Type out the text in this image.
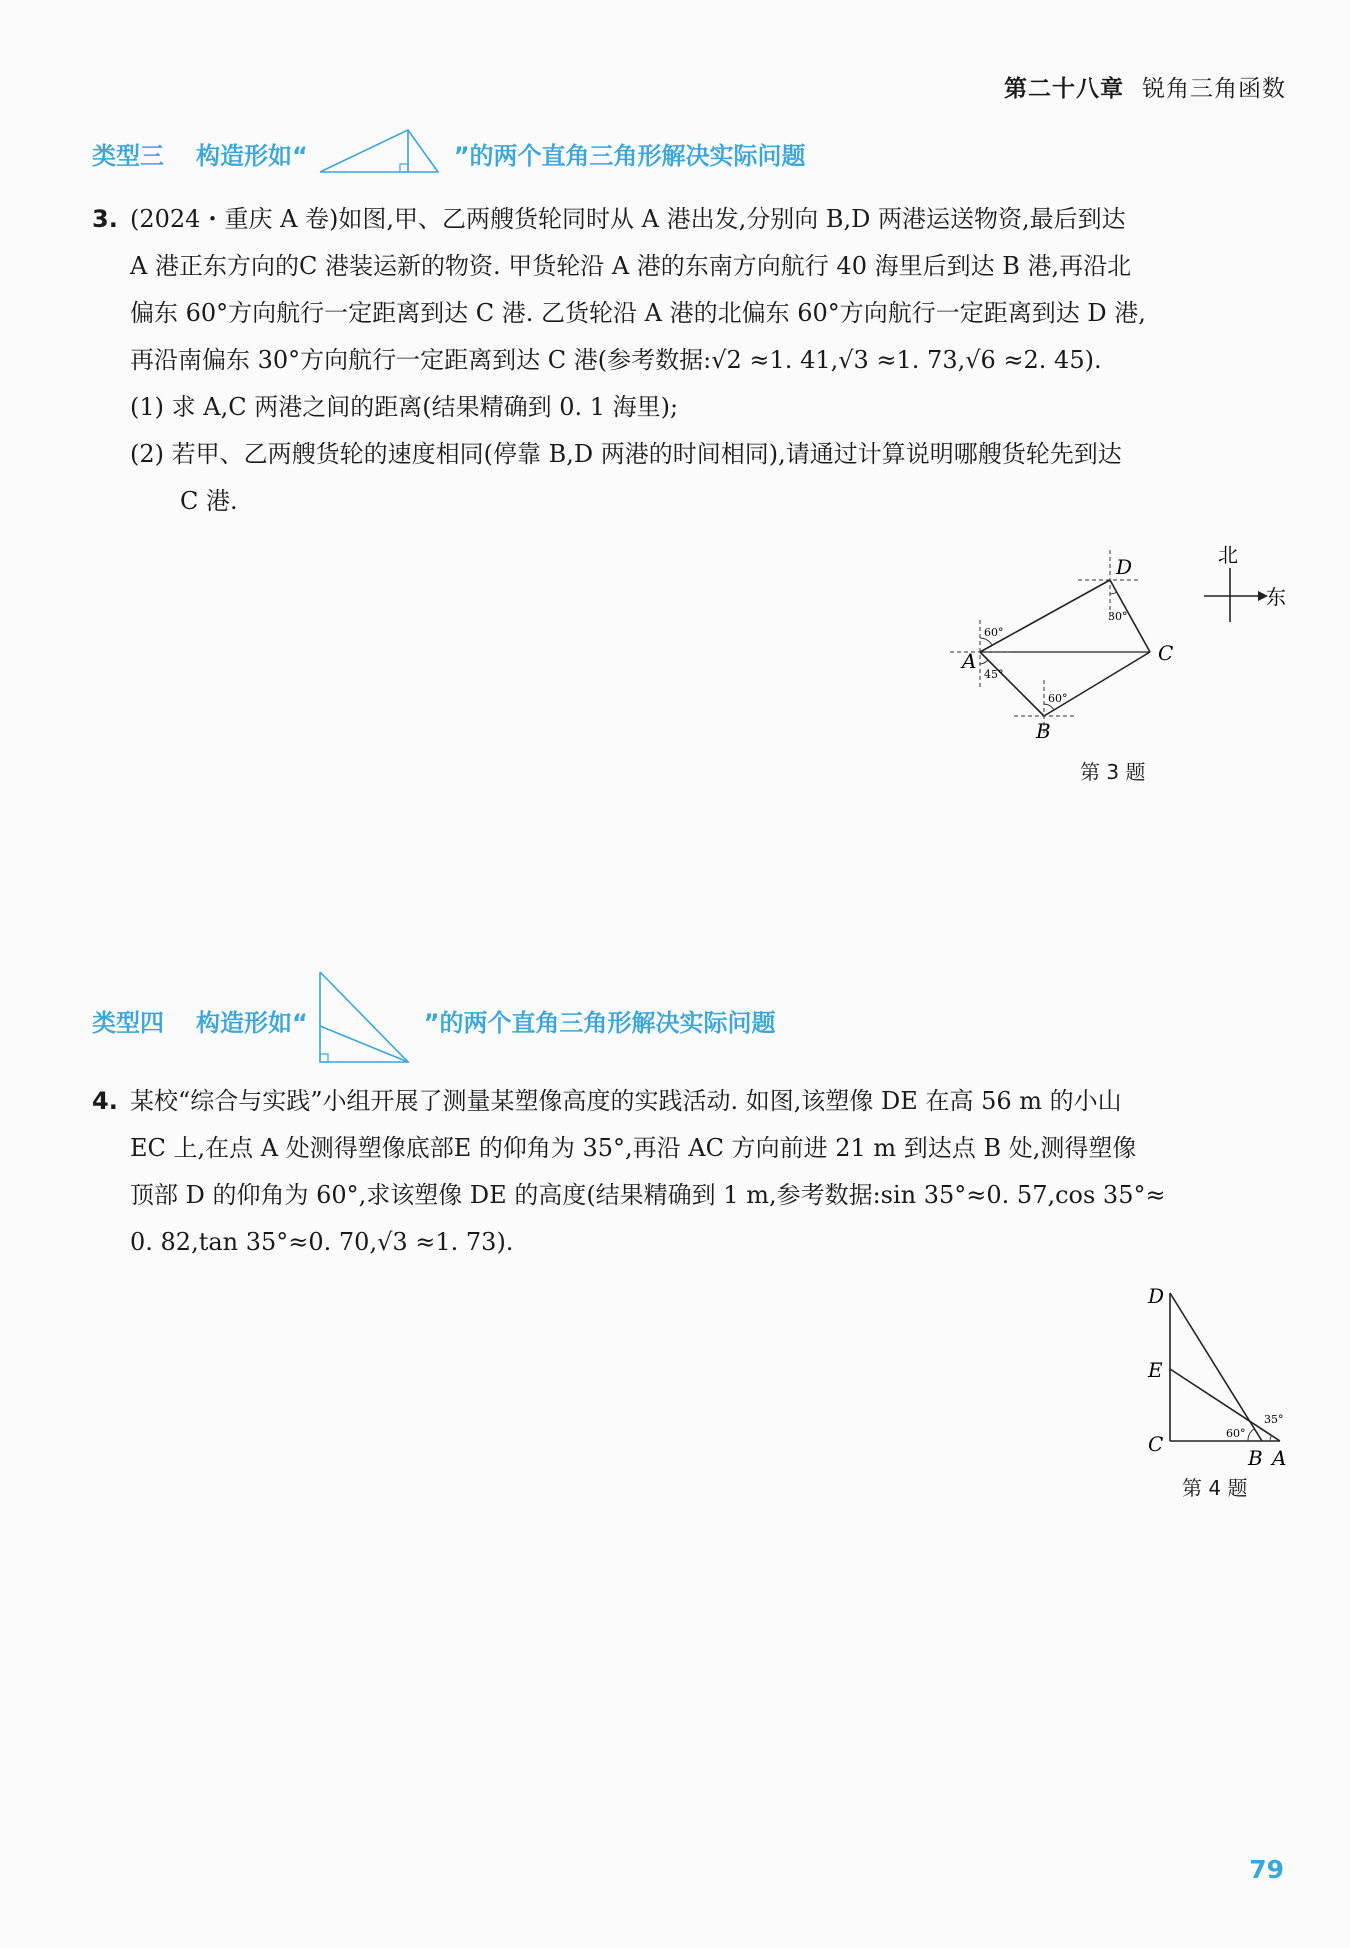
第二十八章 锐角三角函数
类型三 构造形如“	”的两个直角三角形解决实际问题

3. (2024・重庆 A 卷)如图,甲、乙两艘货轮同时从 A 港出发,分别向 B,D 两港运送物资,最后到达

A 港正东方向的C 港装运新的物资. 甲货轮沿 A 港的东南方向航行 40 海里后到达 B 港,再沿北

偏东 60°方向航行一定距离到达 C 港. 乙货轮沿 A 港的北偏东 60°方向航行一定距离到达 D 港,

再沿南偏东 30°方向航行一定距离到达 C 港(参考数据:√2 ≈1. 41,√3 ≈1. 73,√6 ≈2. 45).

(1) 求 A,C 两港之间的距离(结果精确到 0. 1 海里);

(2) 若甲、乙两艘货轮的速度相同(停靠 B,D 两港的时间相同),请通过计算说明哪艘货轮先到达

C 港.

A
B
C
D
60°
45°
60°
30°
北
东
第 3 题
类型四 构造形如“	”的两个直角三角形解决实际问题

4. 某校“综合与实践”小组开展了测量某塑像高度的实践活动. 如图,该塑像 DE 在高 56 m 的小山

EC 上,在点 A 处测得塑像底部E 的仰角为 35°,再沿 AC 方向前进 21 m 到达点 B 处,测得塑像

顶部 D 的仰角为 60°,求该塑像 DE 的高度(结果精确到 1 m,参考数据:sin 35°≈0. 57,cos 35°≈

0. 82,tan 35°≈0. 70,√3 ≈1. 73).

D
E
C
B A
60°
35°
第 4 题
79
